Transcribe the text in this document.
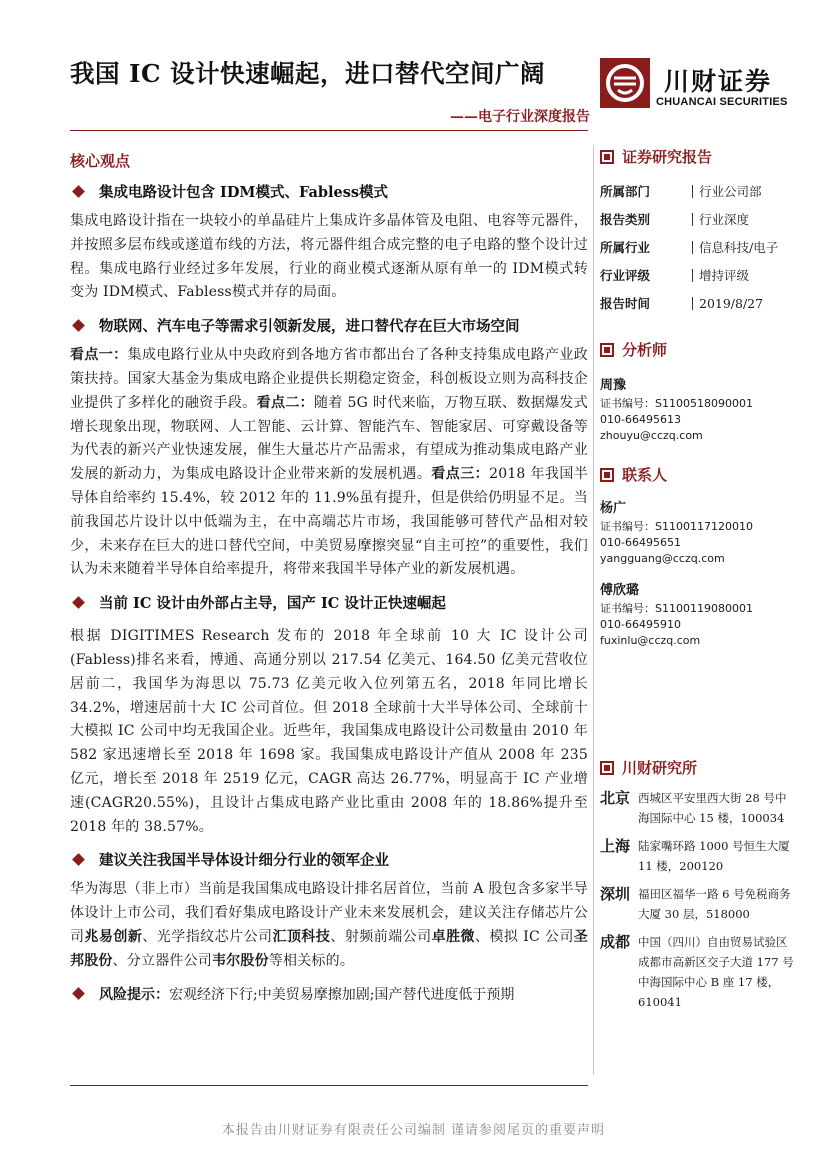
我国 IC 设计快速崛起，进口替代空间广阔
——电子行业深度报告
川财证券
CHUANCAI SECURITIES
核心观点
集成电路设计包含 IDM模式、Fabless模式

集成电路设计指在一块较小的单晶硅片上集成许多晶体管及电阻、电容等元器件，并按照多层布线或遂道布线的方法，将元器件组合成完整的电子电路的整个设计过程。集成电路行业经过多年发展，行业的商业模式逐渐从原有单一的 IDM模式转变为 IDM模式、Fabless模式并存的局面。

物联网、汽车电子等需求引领新发展，进口替代存在巨大市场空间

看点一：集成电路行业从中央政府到各地方省市都出台了各种支持集成电路产业政策扶持。国家大基金为集成电路企业提供长期稳定资金，科创板设立则为高科技企业提供了多样化的融资手段。看点二：随着 5G 时代来临，万物互联、数据爆发式增长现象出现，物联网、人工智能、云计算、智能汽车、智能家居、可穿戴设备等为代表的新兴产业快速发展，催生大量芯片产品需求，有望成为推动集成电路产业发展的新动力，为集成电路设计企业带来新的发展机遇。看点三：2018 年我国半导体自给率约 15.4%，较 2012 年的 11.9%虽有提升，但是供给仍明显不足。当前我国芯片设计以中低端为主，在中高端芯片市场，我国能够可替代产品相对较少，未来存在巨大的进口替代空间，中美贸易摩擦突显“自主可控”的重要性，我们认为未来随着半导体自给率提升，将带来我国半导体产业的新发展机遇。

当前 IC 设计由外部占主导，国产 IC 设计正快速崛起

根据 DIGITIMES Research 发布的 2018 年全球前 10 大 IC 设计公司(Fabless)排名来看，博通、高通分别以 217.54 亿美元、164.50 亿美元营收位居前二，我国华为海思以 75.73 亿美元收入位列第五名，2018 年同比增长 34.2%，增速居前十大 IC 公司首位。但 2018 全球前十大半导体公司、全球前十大模拟 IC 公司中均无我国企业。近些年，我国集成电路设计公司数量由 2010 年 582 家迅速增长至 2018 年 1698 家。我国集成电路设计产值从 2008 年 235 亿元，增长至 2018 年 2519 亿元，CAGR 高达 26.77%，明显高于 IC 产业增速(CAGR20.55%)，且设计占集成电路产业比重由 2008 年的 18.86%提升至 2018 年的 38.57%。

建议关注我国半导体设计细分行业的领军企业

华为海思（非上市）当前是我国集成电路设计排名居首位，当前 A 股包含多家半导体设计上市公司，我们看好集成电路设计产业未来发展机会，建议关注存储芯片公司兆易创新、光学指纹芯片公司汇顶科技、射频前端公司卓胜微、模拟 IC 公司圣邦股份、分立器件公司韦尔股份等相关标的。

风险提示： 宏观经济下行;中美贸易摩擦加剧;国产替代进度低于预期
证券研究报告
所属部门	行业公司部
报告类别	行业深度
所属行业	信息科技/电子
行业评级	增持评级
报告时间	2019/8/27
分析师
周豫
证书编号：S1100518090001
010-66495613
zhouyu@cczq.com
联系人
杨广
证书编号：S1100117120010
010-66495651
yangguang@cczq.com
傅欣璐
证书编号：S1100119080001
010-66495910
fuxinlu@cczq.com
川财研究所
北京 西城区平安里西大街 28 号中海国际中心 15 楼，100034
上海 陆家嘴环路 1000 号恒生大厦 11 楼，200120
深圳 福田区福华一路 6 号免税商务大厦 30 层，518000
成都 中国（四川）自由贸易试验区成都市高新区交子大道 177 号中海国际中心 B 座 17 楼，610041
本报告由川财证券有限责任公司编制 谨请参阅尾页的重要声明
